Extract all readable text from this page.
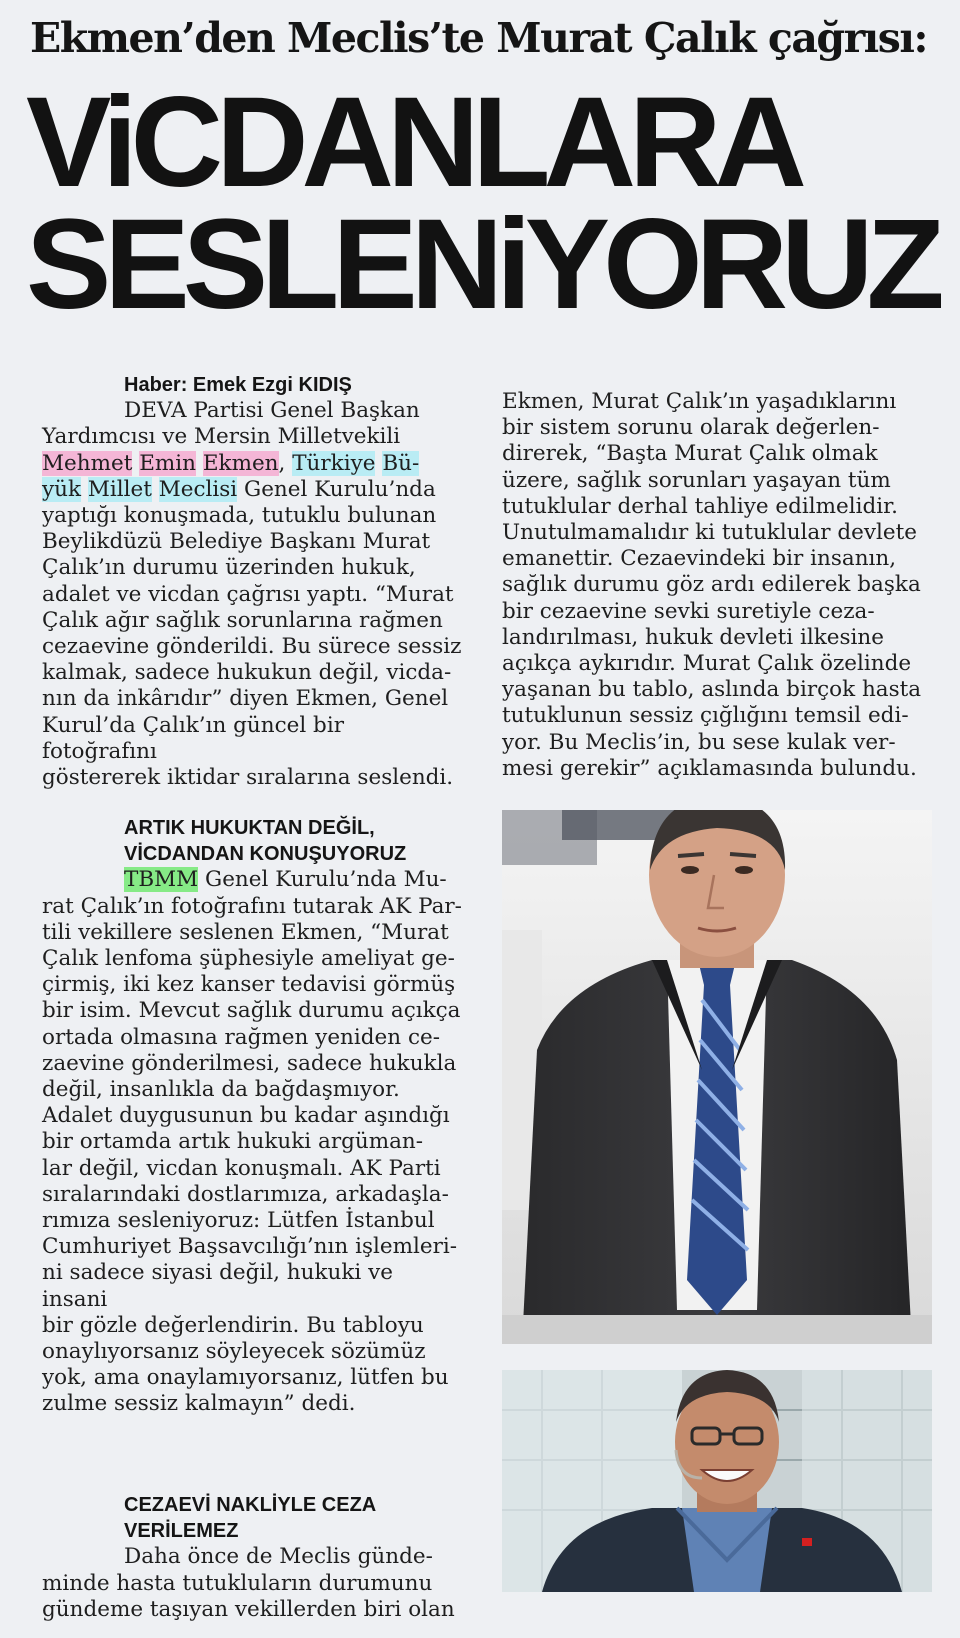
Ekmen’den Meclis’te Murat Çalık çağrısı:
ViCDANLARA
SESLENiYORUZ
Haber: Emek Ezgi KIDIŞ

DEVA Partisi Genel Başkan

Yardımcısı ve Mersin Milletvekili

Mehmet Emin Ekmen, Türkiye Bü-

yük Millet Meclisi Genel Kurulu’nda

yaptığı konuşmada, tutuklu bulunan

Beylikdüzü Belediye Başkanı Murat

Çalık’ın durumu üzerinden hukuk,

adalet ve vicdan çağrısı yaptı. “Murat

Çalık ağır sağlık sorunlarına rağmen

cezaevine gönderildi. Bu sürece sessiz

kalmak, sadece hukukun değil, vicda-

nın da inkârıdır” diyen Ekmen, Genel

Kurul’da Çalık’ın güncel bir fotoğrafını

göstererek iktidar sıralarına seslendi.

ARTIK HUKUKTAN DEĞİL,
VİCDANDAN KONUŞUYORUZ

TBMM Genel Kurulu’nda Mu-

rat Çalık’ın fotoğrafını tutarak AK Par-

tili vekillere seslenen Ekmen, “Murat

Çalık lenfoma şüphesiyle ameliyat ge-

çirmiş, iki kez kanser tedavisi görmüş

bir isim. Mevcut sağlık durumu açıkça

ortada olmasına rağmen yeniden ce-

zaevine gönderilmesi, sadece hukukla

değil, insanlıkla da bağdaşmıyor.

Adalet duygusunun bu kadar aşındığı

bir ortamda artık hukuki argüman-

lar değil, vicdan konuşmalı. AK Parti

sıralarındaki dostlarımıza, arkadaşla-

rımıza sesleniyoruz: Lütfen İstanbul

Cumhuriyet Başsavcılığı’nın işlemleri-

ni sadece siyasi değil, hukuki ve insani

bir gözle değerlendirin. Bu tabloyu

onaylıyorsanız söyleyecek sözümüz

yok, ama onaylamıyorsanız, lütfen bu

zulme sessiz kalmayın” dedi.

CEZAEVİ NAKLİYLE CEZA VERİLEMEZ

Daha önce de Meclis günde-

minde hasta tutukluların durumunu

gündeme taşıyan vekillerden biri olan

Ekmen, Murat Çalık’ın yaşadıklarını

bir sistem sorunu olarak değerlen-

direrek, “Başta Murat Çalık olmak

üzere, sağlık sorunları yaşayan tüm

tutuklular derhal tahliye edilmelidir.

Unutulmamalıdır ki tutuklular devlete

emanettir. Cezaevindeki bir insanın,

sağlık durumu göz ardı edilerek başka

bir cezaevine sevki suretiyle ceza-

landırılması, hukuk devleti ilkesine

açıkça aykırıdır. Murat Çalık özelinde

yaşanan bu tablo, aslında birçok hasta

tutuklunun sessiz çığlığını temsil edi-

yor. Bu Meclis’in, bu sese kulak ver-

mesi gerekir” açıklamasında bulundu.
